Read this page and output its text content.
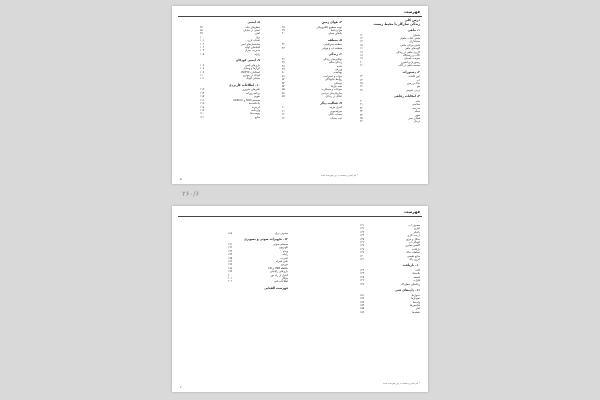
فهرست
درس کلی
زندگی سازگار با محیط زیست
۱- ماهی
ماهیان
۱۲
ماهی عقاب ماهیان
۱۳
صدفداران
۱۴
ماهی مرکب ماهی
۱۵
گونه‌های ماهی
۱۶
کاربرد ماهی در زندگی
۱۷
تالاب و زیستگاه
۱۸
سوخت فسیلی
۱۹
رستوران و آشپزی
۲۰
صفحه ماهی در کتاب
۲۱
۲- دستورات
آیین کلمات
۲۳
آب
۲۴
خاک و زمین
۲۵
هوا
۲۶
درس عمومی
۲۷
۳- امکانات رفاهی
خانه
۳۰
سلامتی
۳۱
مدرسه
۳۲
محله
۳۳
شهر
۳۴
فضای سبز
۳۵
درمان
۳۶
۴- هوای زمین
توجه سطوح الکترونیکی
۳۸
هوا و بادها
۳۹
بادهای محلی
۴۰
۵- منطقه
منطقه جغرافیایی
۴۲
منطقه آب و هوایی
۴۳
۶- زندگی
توانایی‌های زندگی
۴۶
زندگی سالم
۴۷
تغذیه
۴۸
ورزش
۴۹
بهداشت
۵۰
خواب و استراحت
۵۱
روابط خانوادگی
۵۲
دوستان
۵۳
همه نیازها
۵۴
سوغات و مسافرت
۵۵
سازمان‌های مردمی
۵۶
اخلاق در زندگی
۵۷
۷- فعالیت دیگر
کنترل هزینه
۶۰
صرفه‌جویی
۶۱
حساب بانکی
۶۲
ثبت حساب
۶۳
۸- ایمنی
خطرهای خانه
۹۷
ایمنی در خیابان
۹۸
آتش
۹۹
برق
۱۰۰
اسباب بازی
۱۰۱
ساختمان‌های ایمن
۱۰۲
کمک‌های اولیه
۱۰۳
مدیریت بحران
۱۰۴
زلزله
۱۰۵
۹- ایمنی کودکان
بازی‌های ایمن
۱۰۷
ابزارها و وسایل
۱۰۸
استاندارد ISOFIX
۱۰۹
کودک در خودرو
۱۱۰
صندلی کودک
۱۱۱
۱۰- اطلاعات کاربردی
تلفن‌های ضروری
۱۱۳
برنامه روزانه
۱۱۴
تقویم
۱۱۵
سیستم SCN و Abfkcm
۱۱۶
یادداشت‌ها
۱۱۷
آدرس‌ها
۱۱۸
واژه‌نامه
۱۱۹
پیوست‌ها
۱۲۰
منابع
۱۲۱
* نام بخش و صفحه در این فهرست آمده
۵
۲۶۰/۶
فهرست
مصرف آب
۱۳۱
آبیاری
۱۳۲
باغبانی
۱۳۳
درخت کاری
۱۳۴
جنگل و مرتع
۱۳۵
آلودگی آب
۱۳۶
کاهش مصرف
۱۳۷
بازیافت
۱۳۸
حفاظت خاک
۱۳۹
منابع طبیعی
۱۴۰
انرژی پاک
۱۴۱
۱۰- بازیافت
کاغذ
۱۴۳
پلاستیک
۱۴۴
شیشه
۱۴۵
فلزات
۱۴۶
زباله‌های خطرناک
۱۴۷
۱۱- داده‌های فنی
جدول‌ها
۱۵۱
نمودارها
۱۵۲
واحدها
۱۵۳
شاخص‌ها
۱۵۴
آمار
۱۵۵
نقشه‌ها
۱۵۶
مصرف برق
۱۸۸
۱۲- تجهیزات صوتی و تصویری
سیستم صوتی
۱۹۱
تلویزیون
۱۹۲
ویدئو
۱۹۳
رایانه
۱۹۴
اینترنت
۱۹۵
تلفن همراه
۱۹۶
دوربین
۱۹۷
حافظه USB و CD
۱۹۸
بازی‌های رایانه‌ای
۱۹۹
کنترل از راه دور
۲۰۰
چاپگر
۲۰۱
اطلاعات فنی
۲۰۲
فهرست الفبایی
* نام بخش و صفحه در این فهرست آمده
۶
